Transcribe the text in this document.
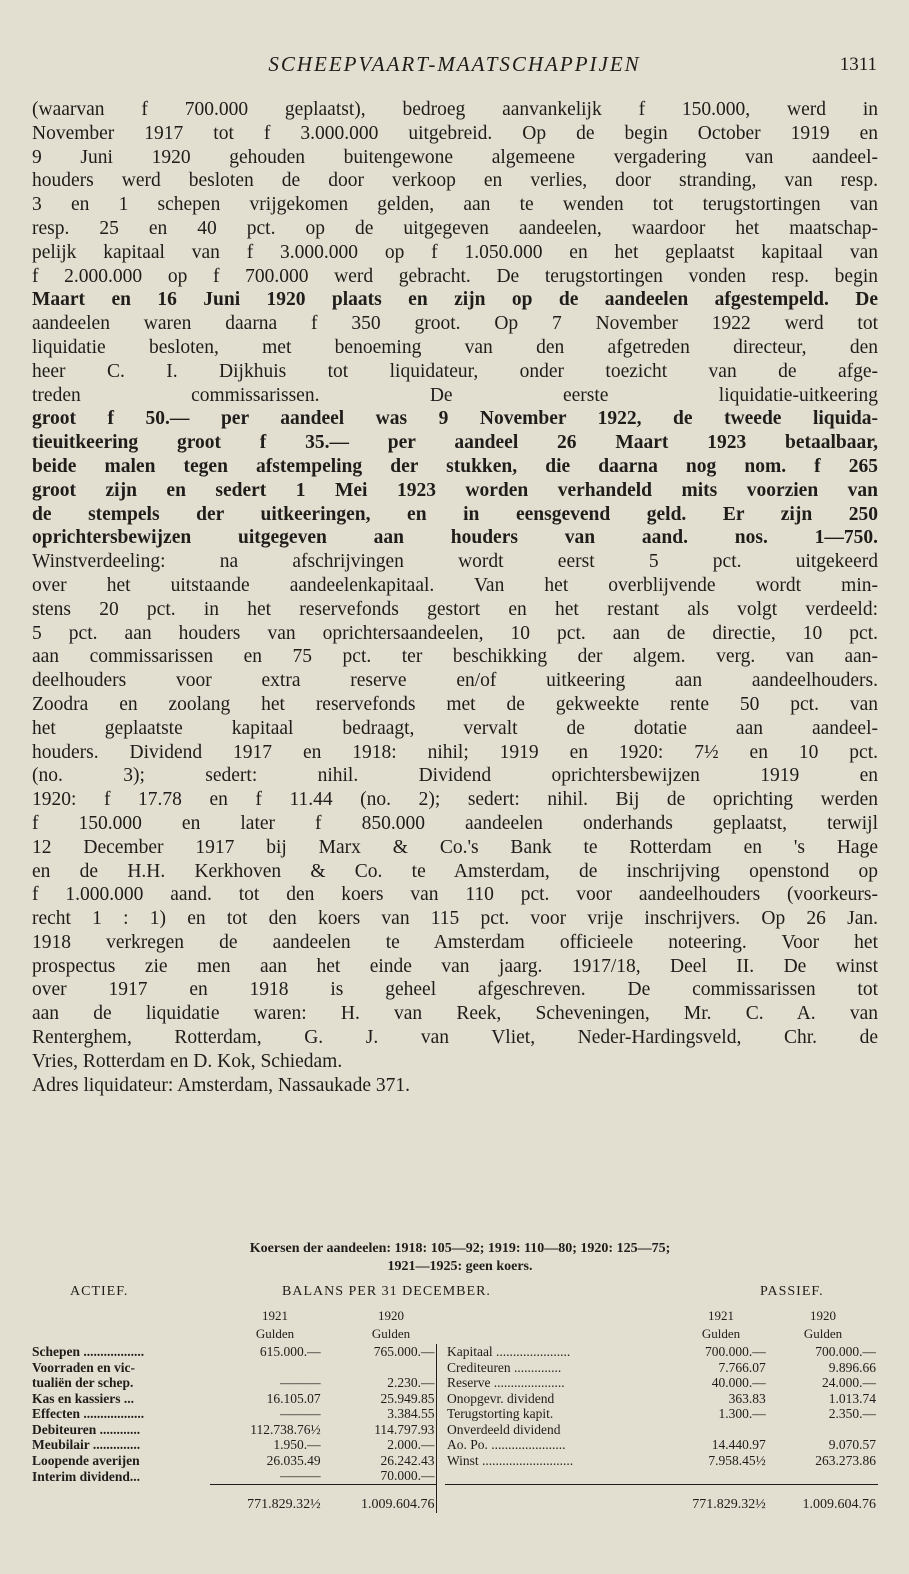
SCHEEPVAART-MAATSCHAPPIJEN	1311
(waarvan f 700.000 geplaatst), bedroeg aanvankelijk f 150.000, werd in
November 1917 tot f 3.000.000 uitgebreid. Op de begin October 1919 en
9 Juni 1920 gehouden buitengewone algemeene vergadering van aandeel-
houders werd besloten de door verkoop en verlies, door stranding, van resp.
3 en 1 schepen vrijgekomen gelden, aan te wenden tot terugstortingen van
resp. 25 en 40 pct. op de uitgegeven aandeelen, waardoor het maatschap-
pelijk kapitaal van f 3.000.000 op f 1.050.000 en het geplaatst kapitaal van
f 2.000.000 op f 700.000 werd gebracht. De terugstortingen vonden resp. begin
Maart en 16 Juni 1920 plaats en zijn op de aandeelen afgestempeld. De
aandeelen waren daarna f 350 groot. Op 7 November 1922 werd tot
liquidatie besloten, met benoeming van den afgetreden directeur, den
heer C. I. Dijkhuis tot liquidateur, onder toezicht van de afge-
treden commissarissen. De eerste liquidatie-uitkeering
groot f 50.— per aandeel was 9 November 1922, de tweede liquida-
tieuitkeering groot f 35.— per aandeel 26 Maart 1923 betaalbaar,
beide malen tegen afstempeling der stukken, die daarna nog nom. f 265
groot zijn en sedert 1 Mei 1923 worden verhandeld mits voorzien van
de stempels der uitkeeringen, en in eensgevend geld. Er zijn 250
oprichtersbewijzen uitgegeven aan houders van aand. nos. 1—750.
Winstverdeeling: na afschrijvingen wordt eerst 5 pct. uitgekeerd
over het uitstaande aandeelenkapitaal. Van het overblijvende wordt min-
stens 20 pct. in het reservefonds gestort en het restant als volgt verdeeld:
5 pct. aan houders van oprichtersaandeelen, 10 pct. aan de directie, 10 pct.
aan commissarissen en 75 pct. ter beschikking der algem. verg. van aan-
deelhouders voor extra reserve en/of uitkeering aan aandeelhouders.
Zoodra en zoolang het reservefonds met de gekweekte rente 50 pct. van
het geplaatste kapitaal bedraagt, vervalt de dotatie aan aandeel-
houders. Dividend 1917 en 1918: nihil; 1919 en 1920: 7½ en 10 pct.
(no. 3); sedert: nihil. Dividend oprichtersbewijzen 1919 en
1920: f 17.78 en f 11.44 (no. 2); sedert: nihil. Bij de oprichting werden
f 150.000 en later f 850.000 aandeelen onderhands geplaatst, terwijl
12 December 1917 bij Marx & Co.'s Bank te Rotterdam en 's Hage
en de H.H. Kerkhoven & Co. te Amsterdam, de inschrijving openstond op
f 1.000.000 aand. tot den koers van 110 pct. voor aandeelhouders (voorkeurs-
recht 1 : 1) en tot den koers van 115 pct. voor vrije inschrijvers. Op 26 Jan.
1918 verkregen de aandeelen te Amsterdam officieele noteering. Voor het
prospectus zie men aan het einde van jaarg. 1917/18, Deel II. De winst
over 1917 en 1918 is geheel afgeschreven. De commissarissen tot
aan de liquidatie waren: H. van Reek, Scheveningen, Mr. C. A. van
Renterghem, Rotterdam, G. J. van Vliet, Neder-Hardingsveld, Chr. de
Vries, Rotterdam en D. Kok, Schiedam.
Adres liquidateur: Amsterdam, Nassaukade 371.
Koersen der aandeelen: 1918: 105—92; 1919: 110—80; 1920: 125—75;
1921—1925: geen koers.
ACTIEF.	BALANS PER 31 DECEMBER.	PASSIEF.
1921	1920	1921	1920
Gulden	Gulden	Gulden	Gulden
Schepen ..................	615.000.—	765.000.—		Kapitaal ......................	700.000.—	700.000.—
Voorraden en vic-				Crediteuren ..............	7.766.07	9.896.66
tualiën der schep.	———	2.230.—		Reserve .....................	40.000.—	24.000.—
Kas en kassiers ...	16.105.07	25.949.85		Onopgevr. dividend	363.83	1.013.74
Effecten ..................	———	3.384.55		Terugstorting kapit.	1.300.—	2.350.—
Debiteuren ............	112.738.76½	114.797.93		Onverdeeld dividend		
Meubilair ..............	1.950.—	2.000.—		Ao. Po. ......................	14.440.97	9.070.57
Loopende averijen	26.035.49	26.242.43		Winst ...........................	7.958.45½	263.273.86
Interim dividend...	———	70.000.—				
	771.829.32½	1.009.604.76			771.829.32½	1.009.604.76
